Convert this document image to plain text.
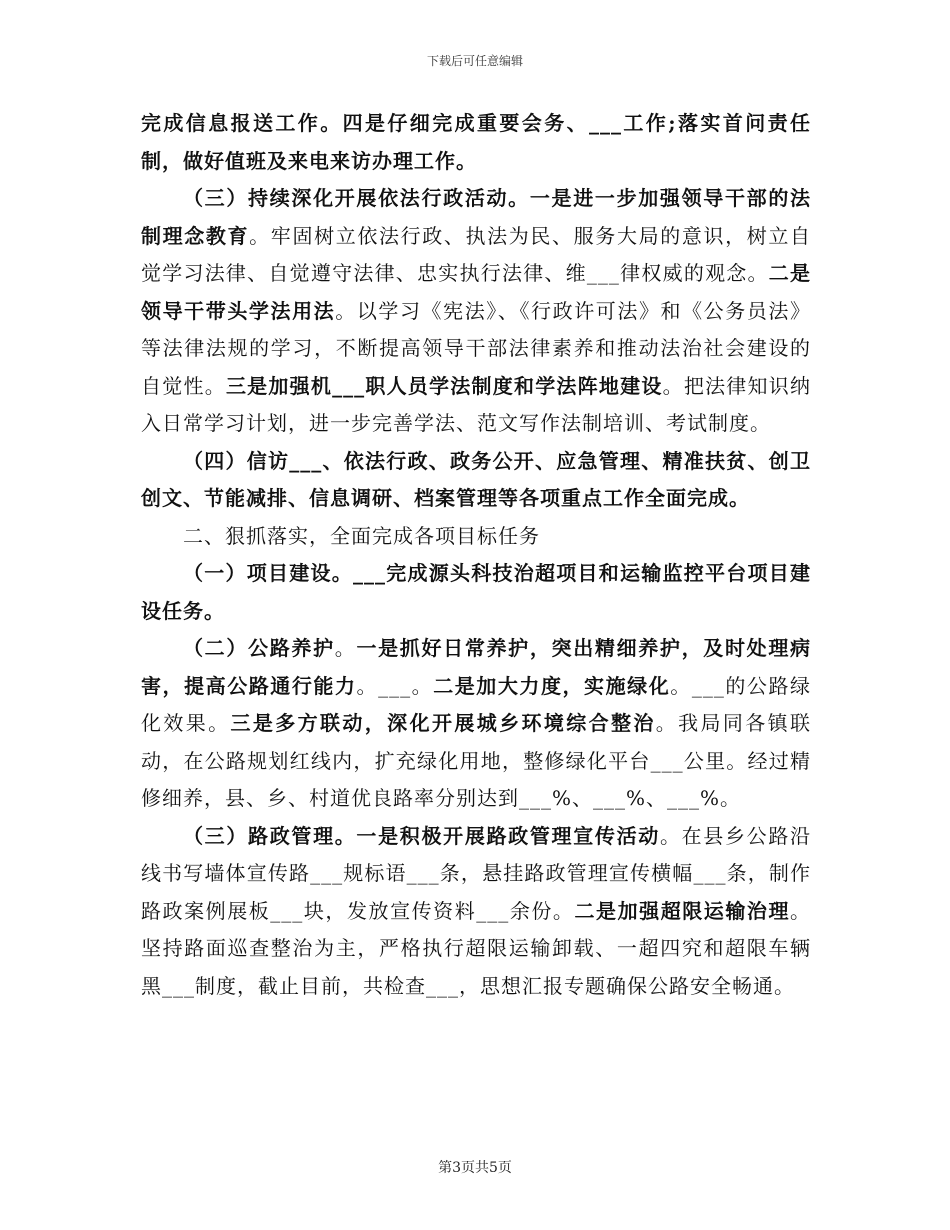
下载后可任意编辑

完成信息报送工作。四是仔细完成重要会务、___工作;落实首问责任制，做好值班及来电来访办理工作。

（三）持续深化开展依法行政活动。一是进一步加强领导干部的法制理念教育。牢固树立依法行政、执法为民、服务大局的意识，树立自觉学习法律、自觉遵守法律、忠实执行法律、维___律权威的观念。二是领导干带头学法用法。以学习《宪法》、《行政许可法》和《公务员法》等法律法规的学习，不断提高领导干部法律素养和推动法治社会建设的自觉性。三是加强机___职人员学法制度和学法阵地建设。把法律知识纳入日常学习计划，进一步完善学法、范文写作法制培训、考试制度。

（四）信访___、依法行政、政务公开、应急管理、精准扶贫、创卫创文、节能减排、信息调研、档案管理等各项重点工作全面完成。

二、狠抓落实，全面完成各项目标任务

（一）项目建设。___完成源头科技治超项目和运输监控平台项目建设任务。

（二）公路养护。一是抓好日常养护，突出精细养护，及时处理病害，提高公路通行能力。___。二是加大力度，实施绿化。___的公路绿化效果。三是多方联动，深化开展城乡环境综合整治。我局同各镇联动，在公路规划红线内，扩充绿化用地，整修绿化平台___公里。经过精修细养，县、乡、村道优良路率分别达到___%、___%、___%。

（三）路政管理。一是积极开展路政管理宣传活动。在县乡公路沿线书写墙体宣传路___规标语___条，悬挂路政管理宣传横幅___条，制作路政案例展板___块，发放宣传资料___余份。二是加强超限运输治理。坚持路面巡查整治为主，严格执行超限运输卸载、一超四究和超限车辆黑___制度，截止目前，共检查___，思想汇报专题确保公路安全畅通。

第3页共5页
